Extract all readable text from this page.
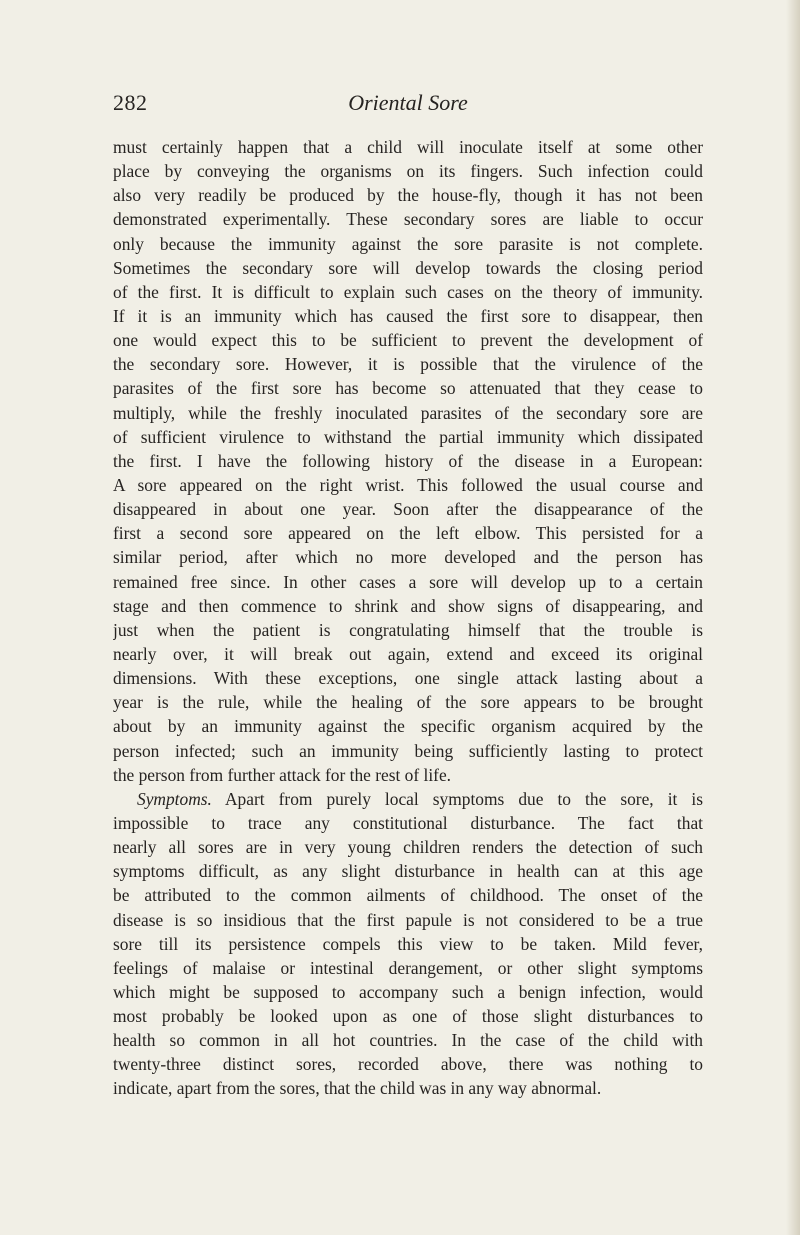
282	Oriental Sore

must certainly happen that a child will inoculate itself at some other

place by conveying the organisms on its fingers. Such infection could

also very readily be produced by the house-fly, though it has not been

demonstrated experimentally. These secondary sores are liable to occur

only because the immunity against the sore parasite is not complete.

Sometimes the secondary sore will develop towards the closing period

of the first. It is difficult to explain such cases on the theory of immunity.

If it is an immunity which has caused the first sore to disappear, then

one would expect this to be sufficient to prevent the development of

the secondary sore. However, it is possible that the virulence of the

parasites of the first sore has become so attenuated that they cease to

multiply, while the freshly inoculated parasites of the secondary sore are

of sufficient virulence to withstand the partial immunity which dissipated

the first. I have the following history of the disease in a European:

A sore appeared on the right wrist. This followed the usual course and

disappeared in about one year. Soon after the disappearance of the

first a second sore appeared on the left elbow. This persisted for a

similar period, after which no more developed and the person has

remained free since. In other cases a sore will develop up to a certain

stage and then commence to shrink and show signs of disappearing, and

just when the patient is congratulating himself that the trouble is

nearly over, it will break out again, extend and exceed its original

dimensions. With these exceptions, one single attack lasting about a

year is the rule, while the healing of the sore appears to be brought

about by an immunity against the specific organism acquired by the

person infected; such an immunity being sufficiently lasting to protect

the person from further attack for the rest of life.

Symptoms. Apart from purely local symptoms due to the sore, it is

impossible to trace any constitutional disturbance. The fact that

nearly all sores are in very young children renders the detection of such

symptoms difficult, as any slight disturbance in health can at this age

be attributed to the common ailments of childhood. The onset of the

disease is so insidious that the first papule is not considered to be a true

sore till its persistence compels this view to be taken. Mild fever,

feelings of malaise or intestinal derangement, or other slight symptoms

which might be supposed to accompany such a benign infection, would

most probably be looked upon as one of those slight disturbances to

health so common in all hot countries. In the case of the child with

twenty-three distinct sores, recorded above, there was nothing to

indicate, apart from the sores, that the child was in any way abnormal.
